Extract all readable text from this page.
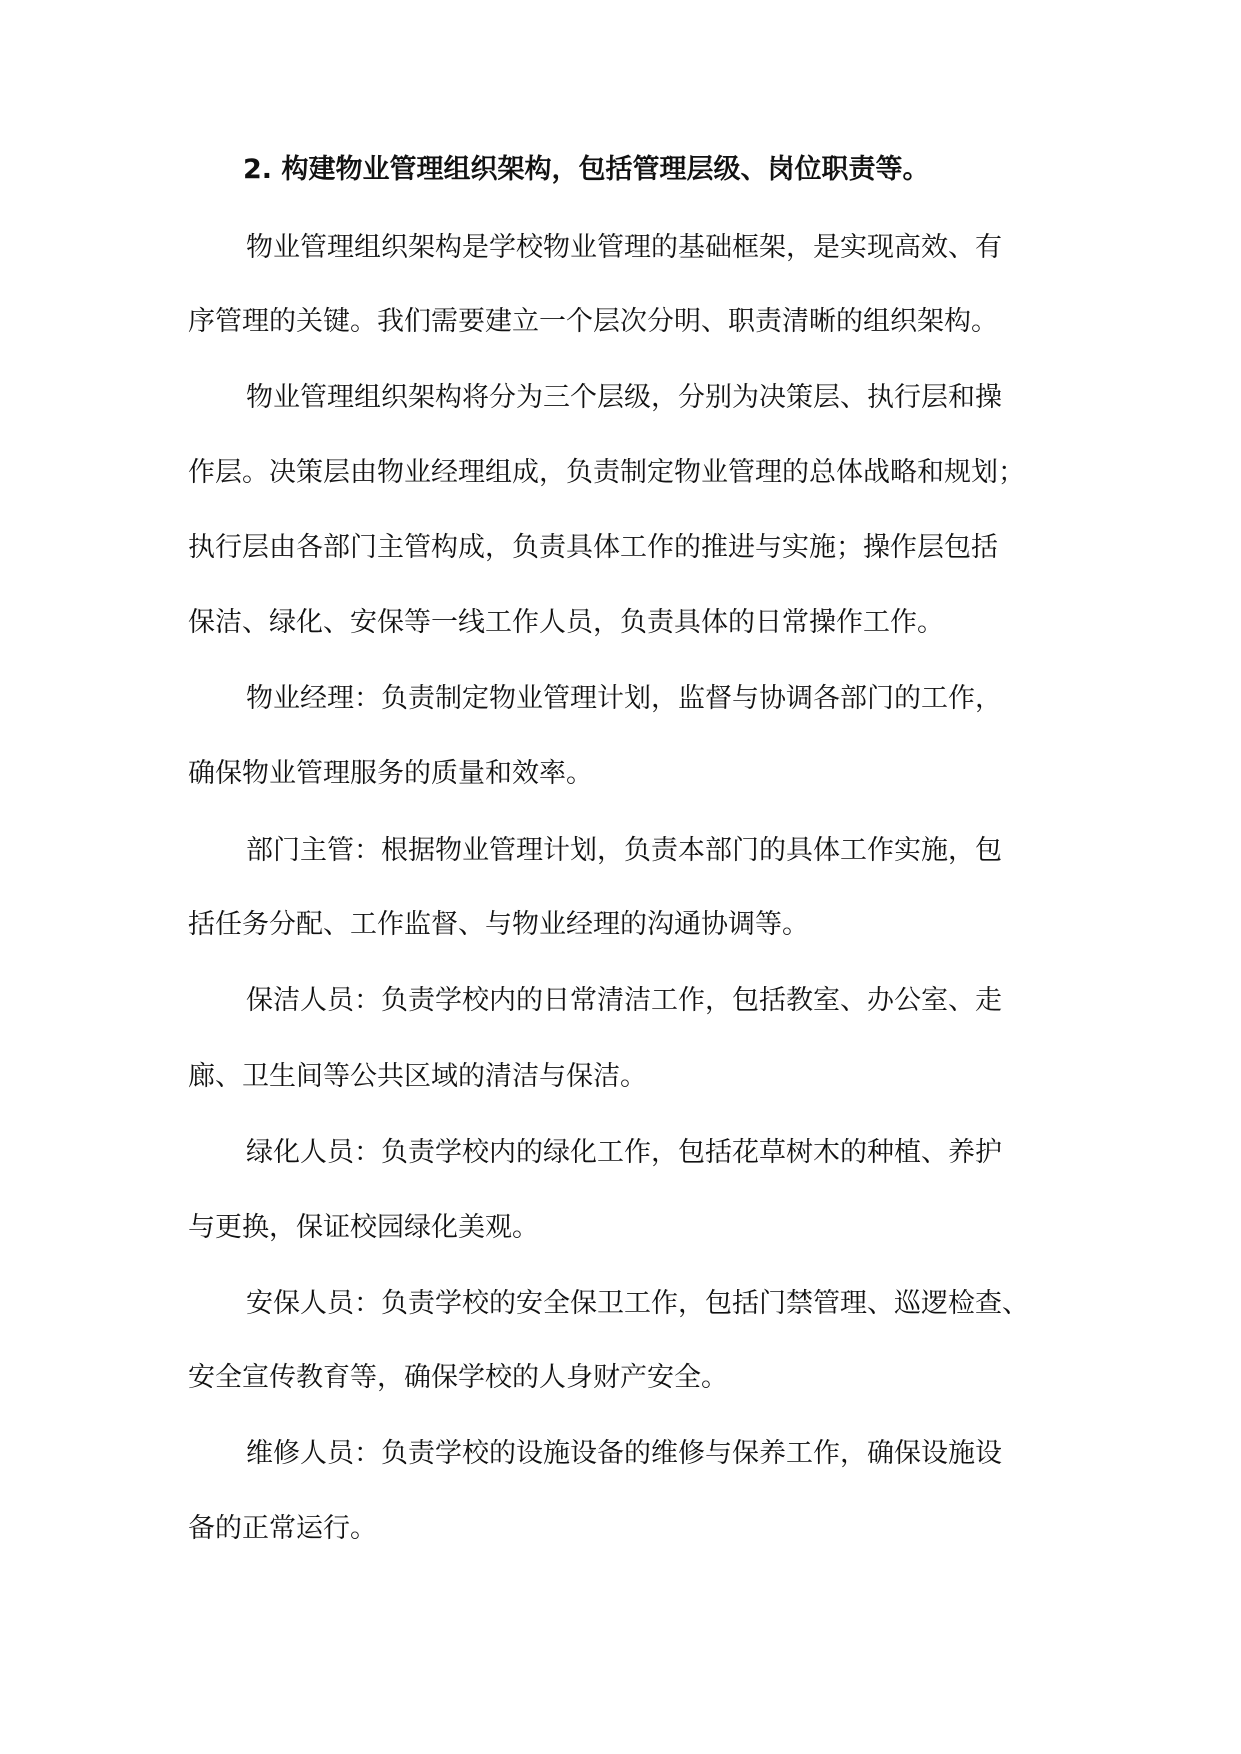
2. 构建物业管理组织架构，包括管理层级、岗位职责等。
物业管理组织架构是学校物业管理的基础框架，是实现高效、有
序管理的关键。我们需要建立一个层次分明、职责清晰的组织架构。
物业管理组织架构将分为三个层级，分别为决策层、执行层和操
作层。决策层由物业经理组成，负责制定物业管理的总体战略和规划；
执行层由各部门主管构成，负责具体工作的推进与实施；操作层包括
保洁、绿化、安保等一线工作人员，负责具体的日常操作工作。
物业经理：负责制定物业管理计划，监督与协调各部门的工作，
确保物业管理服务的质量和效率。
部门主管：根据物业管理计划，负责本部门的具体工作实施，包
括任务分配、工作监督、与物业经理的沟通协调等。
保洁人员：负责学校内的日常清洁工作，包括教室、办公室、走
廊、卫生间等公共区域的清洁与保洁。
绿化人员：负责学校内的绿化工作，包括花草树木的种植、养护
与更换，保证校园绿化美观。
安保人员：负责学校的安全保卫工作，包括门禁管理、巡逻检查、
安全宣传教育等，确保学校的人身财产安全。
维修人员：负责学校的设施设备的维修与保养工作，确保设施设
备的正常运行。
